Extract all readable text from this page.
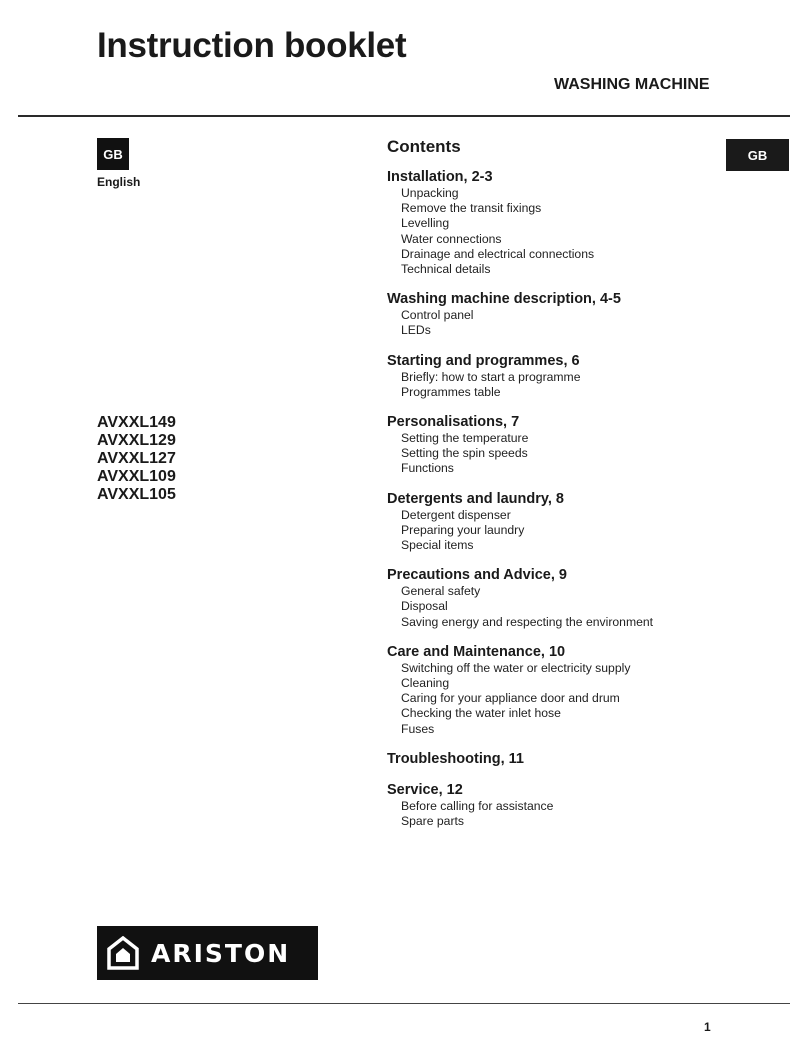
Instruction booklet
WASHING MACHINE
GB
English
GB
AVXXL149
AVXXL129
AVXXL127
AVXXL109
AVXXL105
Contents
Installation, 2-3
Unpacking
Remove the transit fixings
Levelling
Water connections
Drainage and electrical connections
Technical details
Washing machine description, 4-5
Control panel
LEDs
Starting and programmes, 6
Briefly: how to start a programme
Programmes table
Personalisations, 7
Setting the temperature
Setting the spin speeds
Functions
Detergents and laundry, 8
Detergent dispenser
Preparing your laundry
Special items
Precautions and Advice, 9
General safety
Disposal
Saving energy and respecting the environment
Care and Maintenance, 10
Switching off the water or electricity supply
Cleaning
Caring for your appliance door and drum
Checking the water inlet hose
Fuses
Troubleshooting, 11
Service, 12
Before calling for assistance
Spare parts
ARISTON
1
